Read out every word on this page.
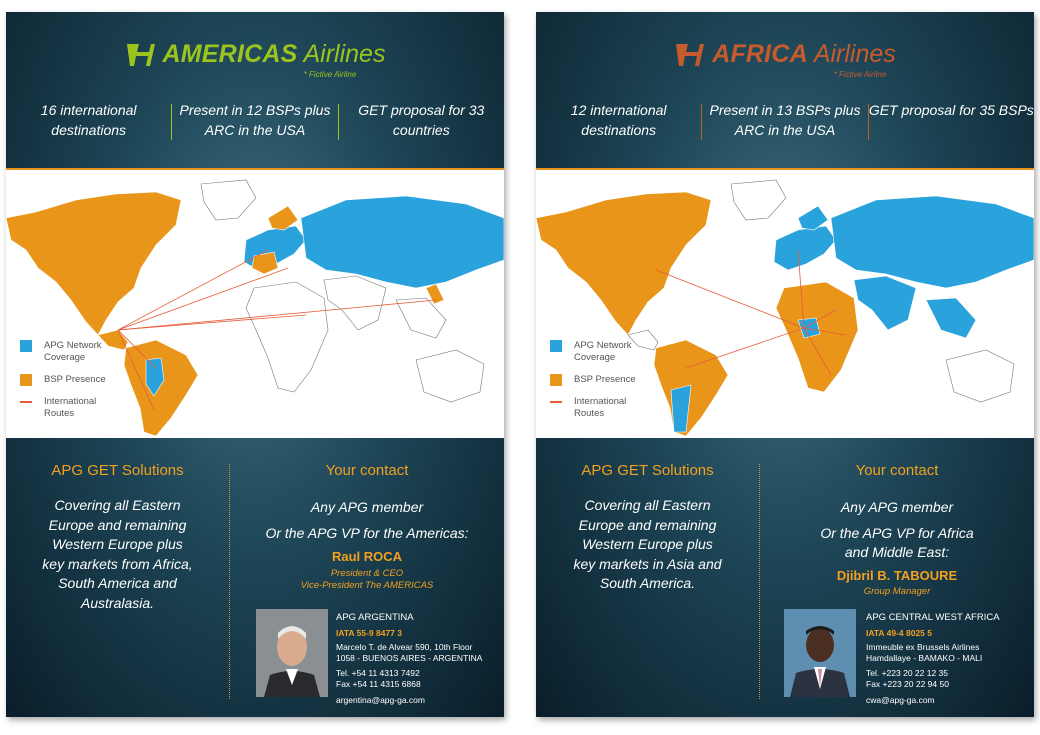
AMERICAS Airlines
* Fictive Airline
16 international destinations
Present in 12 BSPs plus ARC in the USA
GET proposal for 33 countries
APG Network Coverage
BSP Presence
International Routes
APG GET Solutions
Covering all Eastern
Europe and remaining
Western Europe plus
key markets from Africa,
South America and
Australasia.
Your contact
Any APG member
Or the APG VP for the Americas:
Raul ROCA
President & CEO
Vice-President The AMERICAS
APG ARGENTINA
IATA 55-9 8477 3
Marcelo T. de Alvear 590, 10th Floor
1058 - BUENOS AIRES - ARGENTINA
Tel. +54 11 4313 7492
Fax +54 11 4315 6868
argentina@apg-ga.com
AFRICA Airlines
* Fictive Airline
12 international destinations
Present in 13 BSPs plus ARC in the USA
GET proposal for 35 BSPs
APG Network Coverage
BSP Presence
International Routes
APG GET Solutions
Covering all Eastern
Europe and remaining
Western Europe plus
key markets in Asia and
South America.
Your contact
Any APG member
Or the APG VP for Africa
and Middle East:
Djibril B. TABOURE
Group Manager
APG CENTRAL WEST AFRICA
IATA 49-4 8025 5
Immeuble ex Brussels Airlines
Hamdallaye - BAMAKO - MALI
Tel. +223 20 22 12 35
Fax +223 20 22 94 50
cwa@apg-ga.com
